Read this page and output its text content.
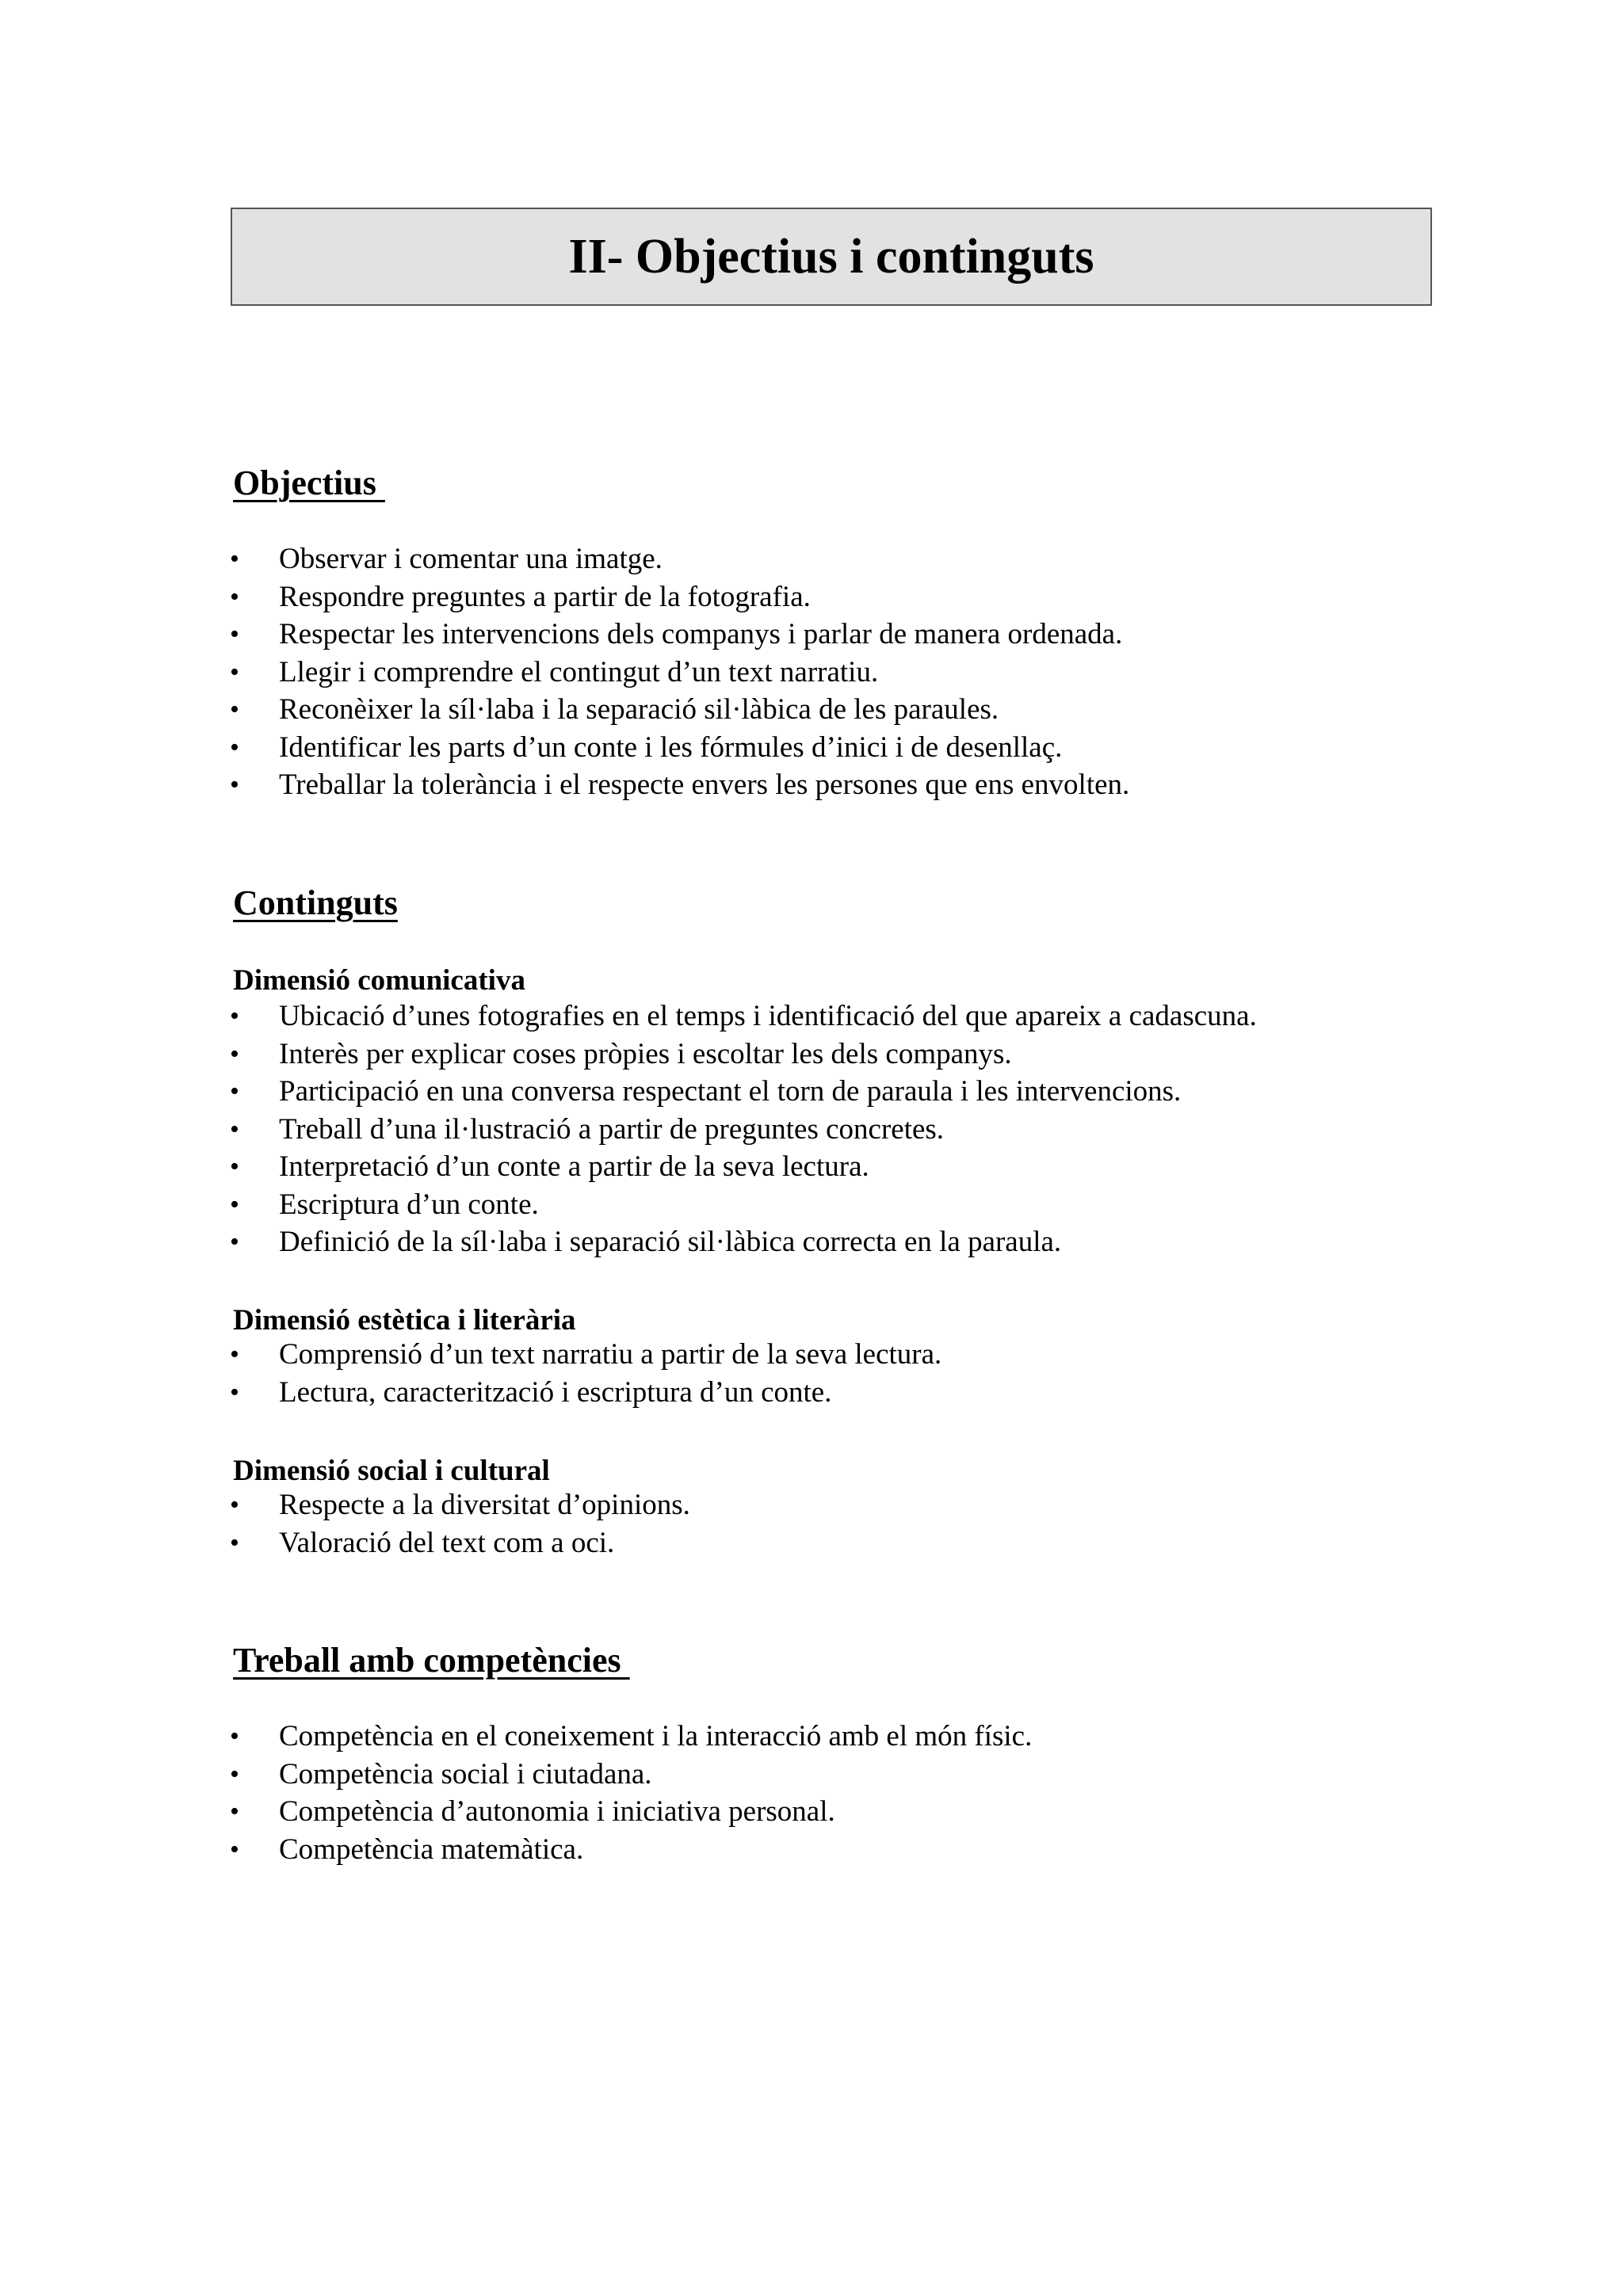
II- Objectius i continguts
Objectius
• Observar i comentar una imatge.
• Respondre preguntes a partir de la fotografia.
• Respectar les intervencions dels companys i parlar de manera ordenada.
• Llegir i comprendre el contingut d’un text narratiu.
• Reconèixer la síl·laba i la separació sil·làbica de les paraules.
• Identificar les parts d’un conte i les fórmules d’inici i de desenllaç.
• Treballar la tolerància i el respecte envers les persones que ens envolten.
Continguts
Dimensió comunicativa
• Ubicació d’unes fotografies en el temps i identificació del que apareix a cadascuna.
• Interès per explicar coses pròpies i escoltar les dels companys.
• Participació en una conversa respectant el torn de paraula i les intervencions.
• Treball d’una il·lustració a partir de preguntes concretes.
• Interpretació d’un conte a partir de la seva lectura.
• Escriptura d’un conte.
• Definició de la síl·laba i separació sil·làbica correcta en la paraula.
Dimensió estètica i literària
• Comprensió d’un text narratiu a partir de la seva lectura.
• Lectura, caracterització i escriptura d’un conte.
Dimensió social i cultural
• Respecte a la diversitat d’opinions.
• Valoració del text com a oci.
Treball amb competències
• Competència en el coneixement i la interacció amb el món físic.
• Competència social i ciutadana.
• Competència d’autonomia i iniciativa personal.
• Competència matemàtica.
